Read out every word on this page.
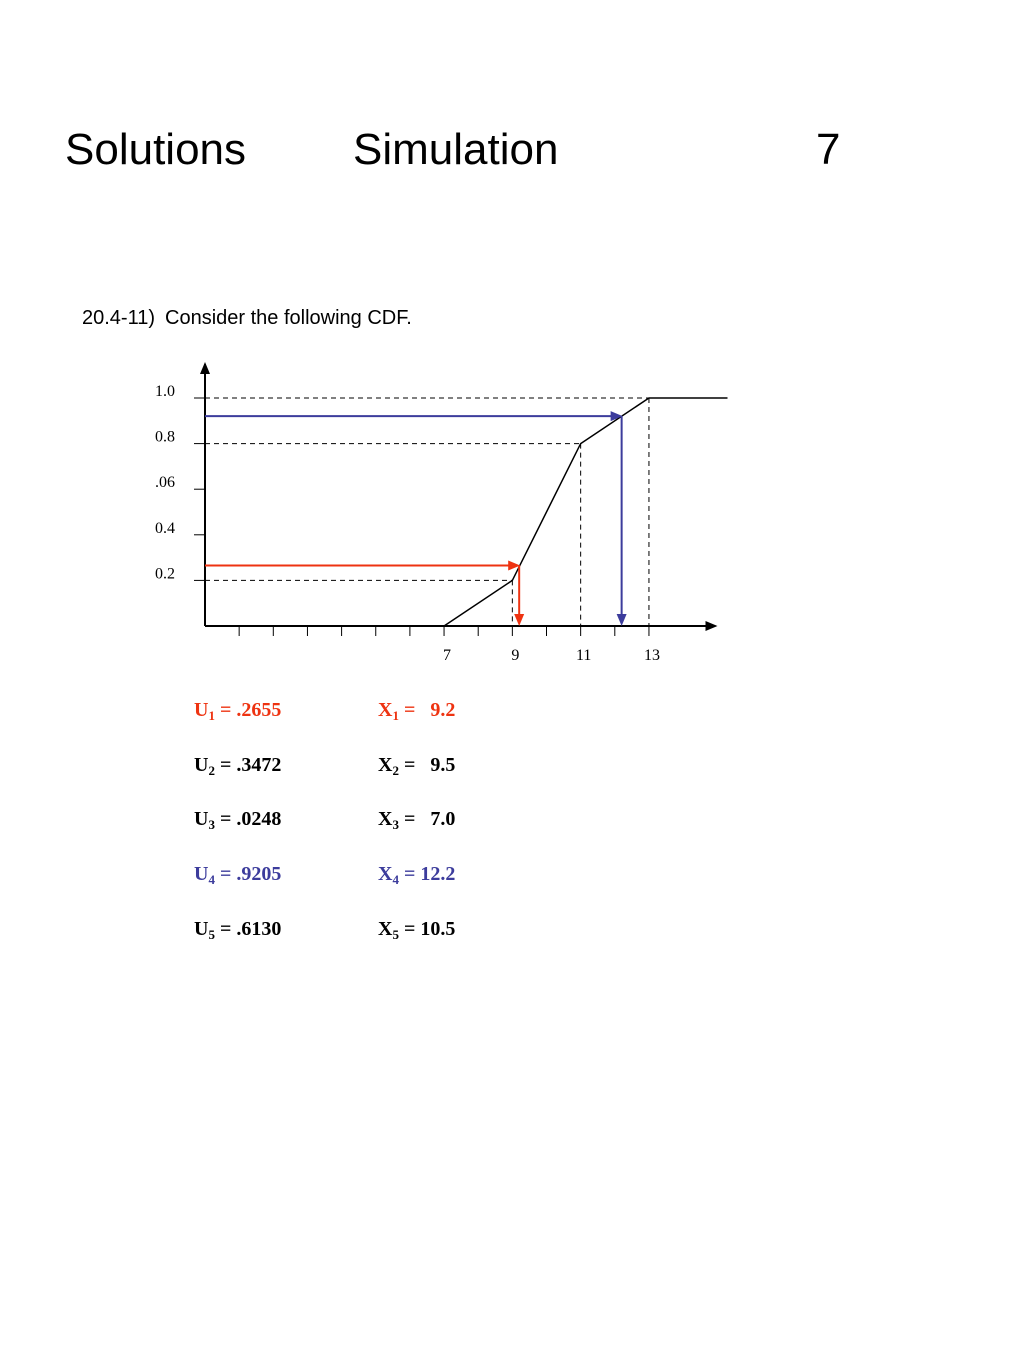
Solutions Simulation	7
20.4-11) Consider the following CDF.
0.2
0.4
.06
0.8
1.0
7	9	11	13
$U_1 = .2655$	$X_1 = 9.2$
$U_2 = .3472$	$X_2 = 9.5$
$U_3 = .0248$	$X_3 = 7.0$
$U_4 = .9205$	$X_4 = 12.2$
$U_5 = .6130$	$X_5 = 10.5$
